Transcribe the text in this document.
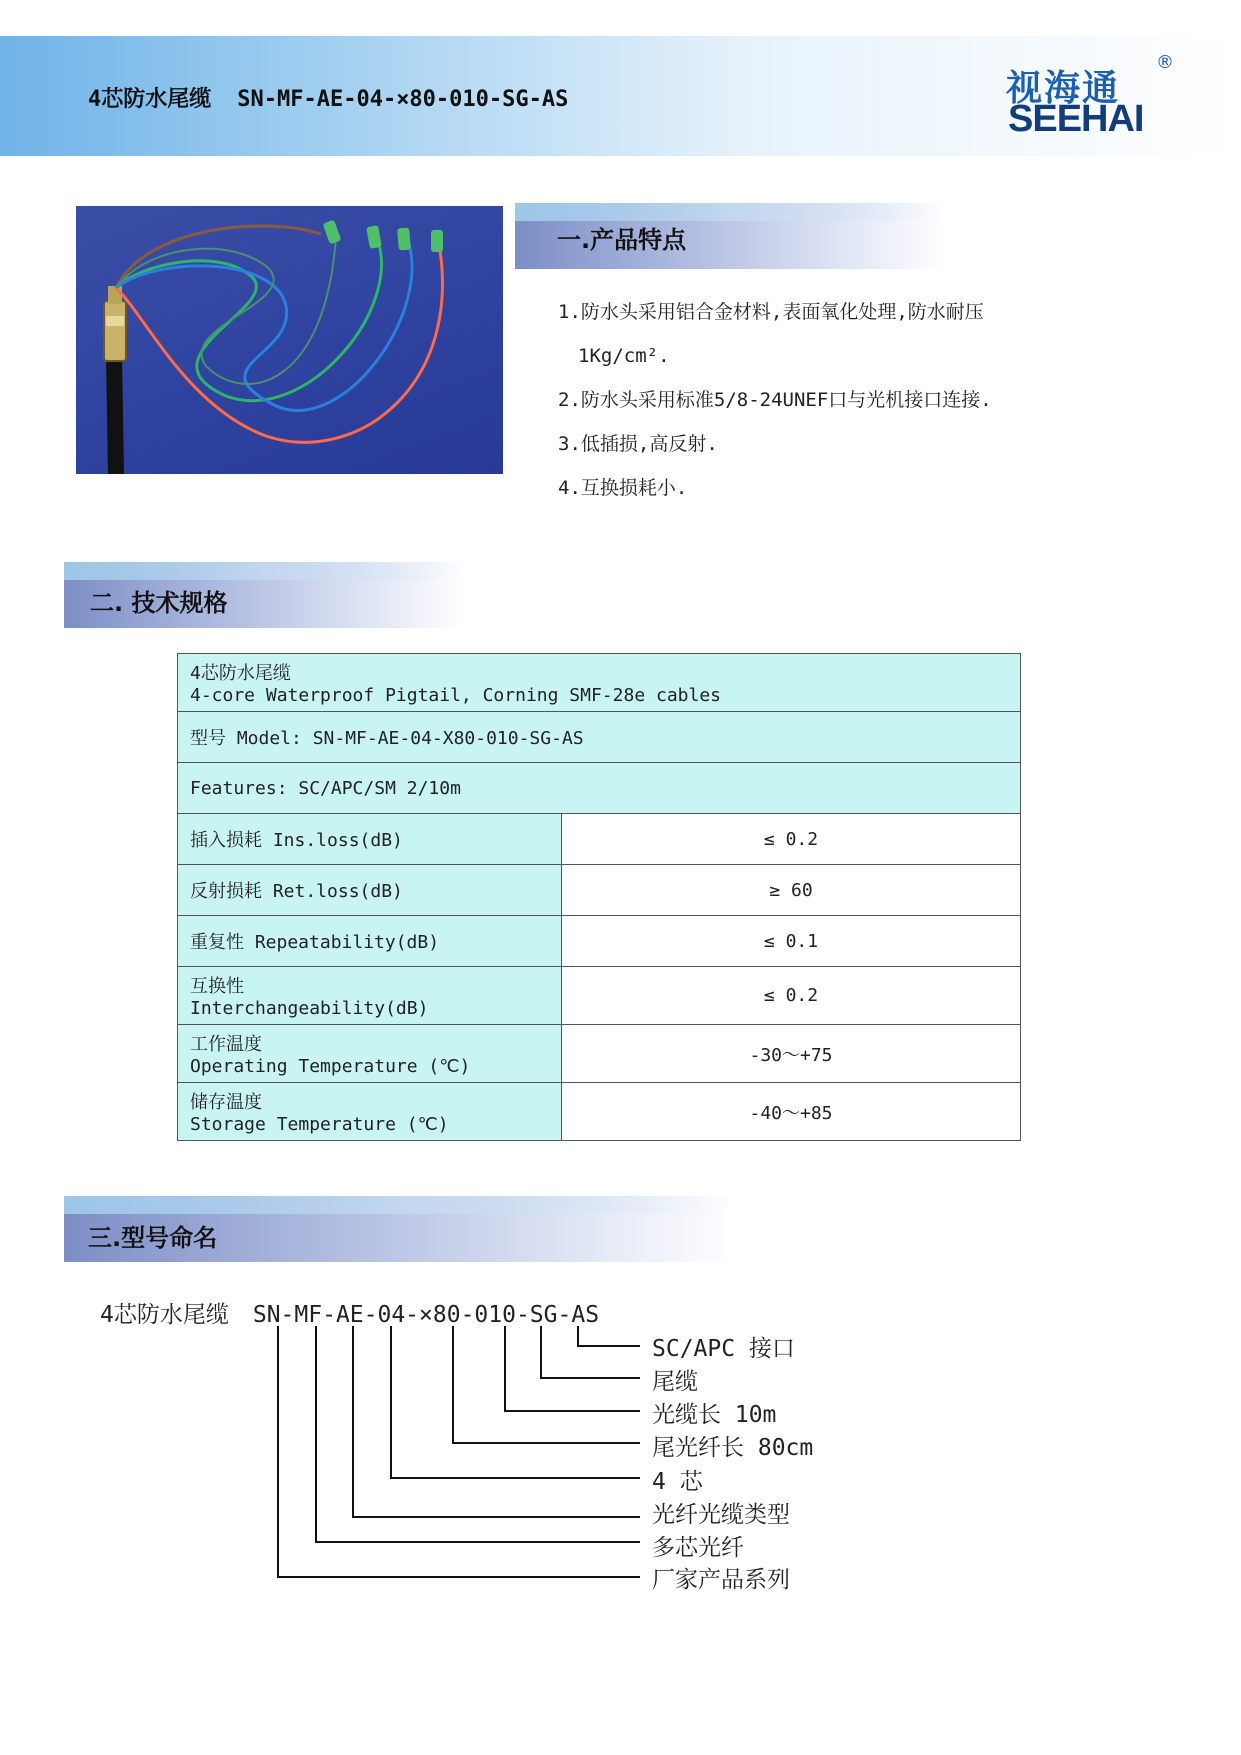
4芯防水尾缆 SN-MF-AE-04-×80-010-SG-AS	视海通
®
SEEHAI
一.产品特点
1.防水头采用铝合金材料,表面氧化处理,防水耐压
1Kg/cm².
2.防水头采用标准5/8-24UNEF口与光机接口连接.
3.低插损,高反射.
4.互换损耗小.
二. 技术规格
4芯防水尾缆
4-core Waterproof Pigtail, Corning SMF-28e cables	

型号 Model: SN-MF-AE-04-X80-010-SG-AS	
Features: SC/APC/SM 2/10m	
插入损耗 Ins.loss(dB)	≤ 0.2
反射损耗 Ret.loss(dB)	≥ 60
重复性 Repeatability(dB)	≤ 0.1

互换性
Interchangeability(dB)	≤ 0.2

工作温度
Operating Temperature (℃)	-30～+75

储存温度
Storage Temperature (℃)	-40～+85
三.型号命名
4芯防水尾缆 SN-MF-AE-04-×80-010-SG-AS
SC/APC 接口
尾缆
光缆长 10m
尾光纤长 80cm
4 芯
光纤光缆类型
多芯光纤
厂家产品系列
